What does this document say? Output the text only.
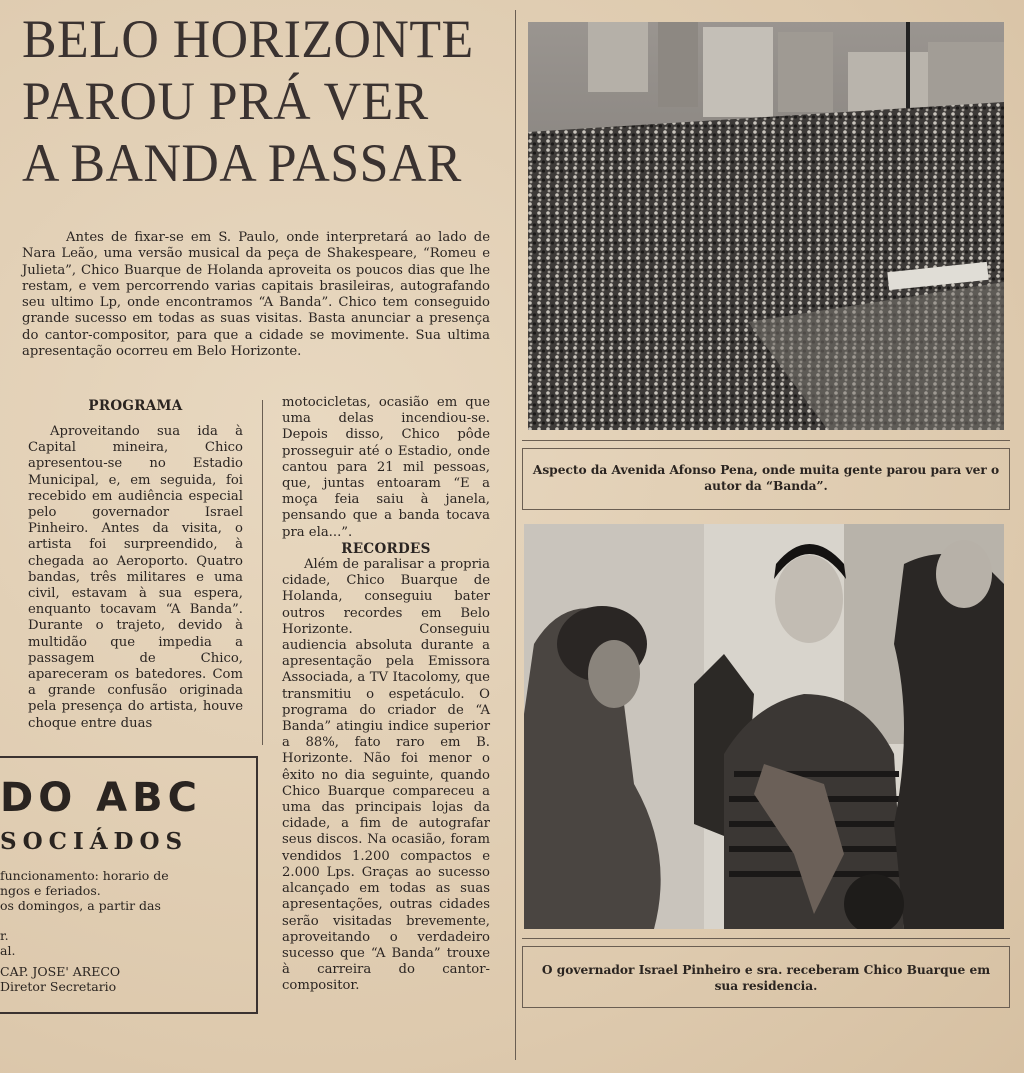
BELO HORIZONTE
PAROU PRÁ VER
A BANDA PASSAR
Antes de fixar-se em S. Paulo, onde interpretará ao lado de Nara Leão, uma versão musical da peça de Shakespeare, “Romeu e Julieta”, Chico Buarque de Holanda aproveita os poucos dias que lhe restam, e vem percorrendo varias capitais brasileiras, autografando seu ultimo Lp, onde encontramos “A Banda”. Chico tem conseguido grande sucesso em todas as suas visitas. Basta anunciar a presença do cantor-compositor, para que a cidade se movimente. Sua ultima apresentação ocorreu em Belo Horizonte.
PROGRAMA

Aproveitando sua ida à Capital mineira, Chico apresentou-se no Estadio Municipal, e, em seguida, foi recebido em audiência especial pelo governador Israel Pinheiro. Antes da visita, o artista foi surpreendido, à chegada ao Aeroporto. Quatro bandas, três militares e uma civil, estavam à sua espera, enquanto tocavam “A Banda”. Durante o trajeto, devido à multidão que impedia a passagem de Chico, apareceram os batedores. Com a grande confusão originada pela presença do artista, houve choque entre duas

motocicletas, ocasião em que uma delas incendiou-se. Depois disso, Chico pôde prosseguir até o Estadio, onde cantou para 21 mil pessoas, que, juntas entoaram “E a moça feia saiu à janela, pensando que a banda tocava pra ela...”.

RECORDES

Além de paralisar a propria cidade, Chico Buarque de Holanda, conseguiu bater outros recordes em Belo Horizonte. Conseguiu audiencia absoluta durante a apresentação pela Emissora Associada, a TV Itacolomy, que transmitiu o espetáculo. O programa do criador de “A Banda” atingiu indice superior a 88%, fato raro em B. Horizonte. Não foi menor o êxito no dia seguinte, quando Chico Buarque compareceu a uma das principais lojas da cidade, a fim de autografar seus discos. Na ocasião, foram vendidos 1.200 compactos e 2.000 Lps. Graças ao sucesso alcançado em todas as suas apresentações, outras cidades serão visitadas brevemente, aproveitando o verdadeiro sucesso que “A Banda” trouxe à carreira do cantor-compositor.

Aspecto da Avenida Afonso Pena, onde muita gente parou para ver o autor da “Banda”.
O governador Israel Pinheiro e sra. receberam Chico Buarque em sua residencia.
DO ABC
SOCIÁDOS
funcionamento: horario de
ngos e feriados.
os domingos, a partir das
r.
al.
CAP. JOSE' ARECO
Diretor Secretario
